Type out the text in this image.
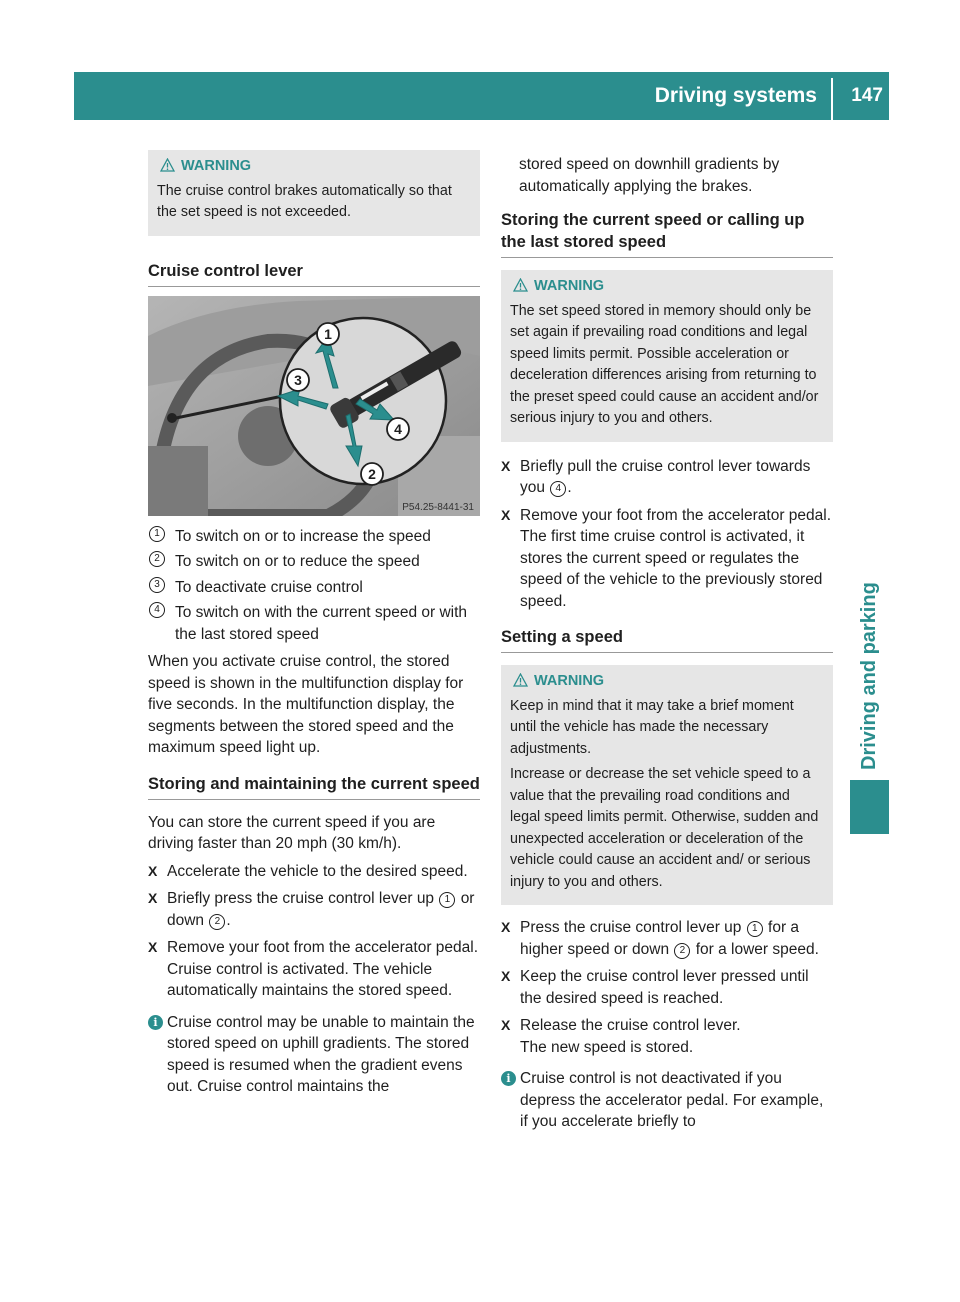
Driving systems 147
Driving and parking
WARNING

The cruise control brakes automatically so that the set speed is not exceeded.

Cruise control lever
1
2
3
4
P54.25-8441-31
1 To switch on or to increase the speed
2 To switch on or to reduce the speed
3 To deactivate cruise control
4 To switch on with the current speed or with the last stored speed

When you activate cruise control, the stored speed is shown in the multifunction display for five seconds. In the multifunction display, the segments between the stored speed and the maximum speed light up.

Storing and maintaining the current speed

You can store the current speed if you are driving faster than 20 mph (30 km/h).

X Accelerate the vehicle to the desired speed.
X Briefly press the cruise control lever up 1 or down 2 .
X Remove your foot from the accelerator pedal.
Cruise control is activated. The vehicle automatically maintains the stored speed.
i Cruise control may be unable to maintain the stored speed on uphill gradients. The stored speed is resumed when the gradient evens out. Cruise control maintains the

stored speed on downhill gradients by automatically applying the brakes.

Storing the current speed or calling up the last stored speed
WARNING

The set speed stored in memory should only be set again if prevailing road conditions and legal speed limits permit. Possible acceleration or deceleration differences arising from returning to the preset speed could cause an accident and/or serious injury to you and others.

X Briefly pull the cruise control lever towards you 4 .
X Remove your foot from the accelerator pedal.
The first time cruise control is activated, it stores the current speed or regulates the speed of the vehicle to the previously stored speed.
Setting a speed
WARNING

Keep in mind that it may take a brief moment until the vehicle has made the necessary adjustments.

Increase or decrease the set vehicle speed to a value that the prevailing road conditions and legal speed limits permit. Otherwise, sudden and unexpected acceleration or deceleration of the vehicle could cause an accident and/ or serious injury to you and others.

X Press the cruise control lever up 1 for a higher speed or down 2 for a lower speed.
X Keep the cruise control lever pressed until the desired speed is reached.
X Release the cruise control lever.
The new speed is stored.
i Cruise control is not deactivated if you depress the accelerator pedal. For example, if you accelerate briefly to
